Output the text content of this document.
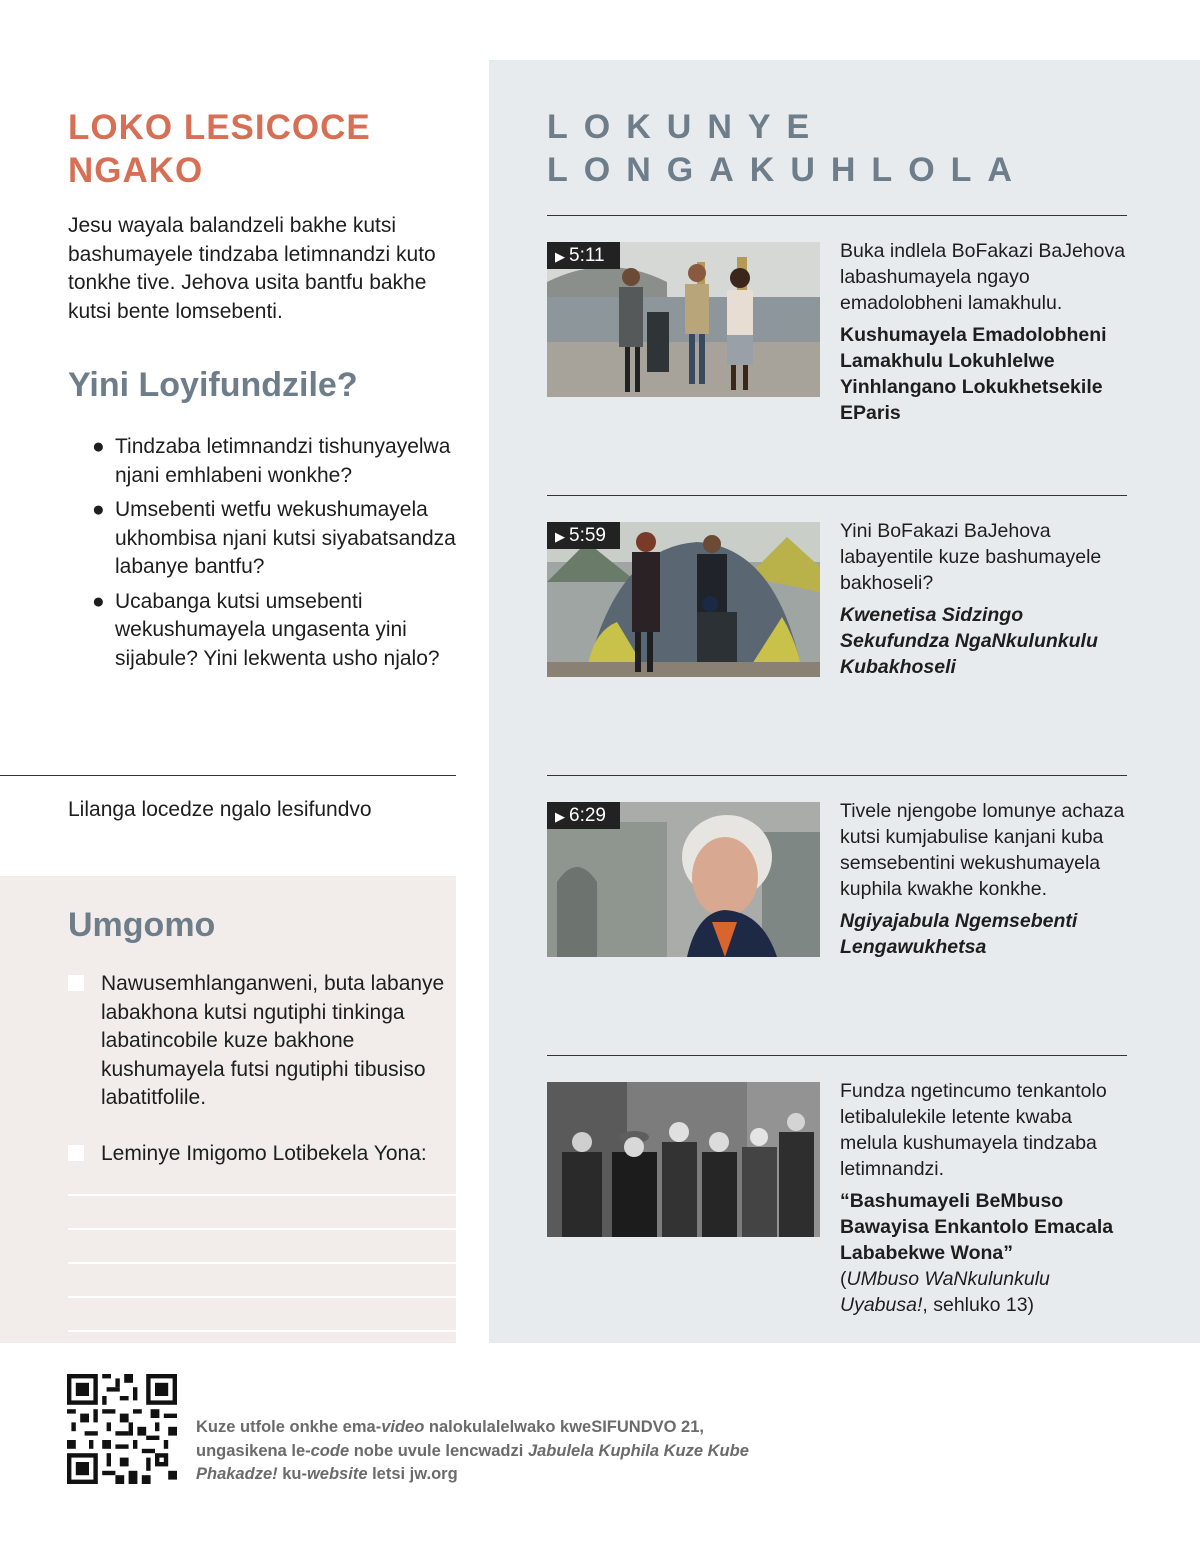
LOKO LESICOCE
NGAKO

Jesu wayala balandzeli bakhe kutsi bashumayele tindzaba letimnandzi kuto tonkhe tive. Jehova usita bantfu bakhe kutsi bente lomsebenti.

Yini Loyifundzile?
● Tindzaba letimnandzi tishunyayelwa njani emhlabeni wonkhe?
● Umsebenti wetfu wekushumayela ukhombisa njani kutsi siyabatsandza labanye bantfu?
● Ucabanga kutsi umsebenti wekushumayela ungasenta yini sijabule? Yini lekwenta usho njalo?
Lilanga locedze ngalo lesifundvo
Umgomo
Nawusemhlanganweni, buta labanye labakhona kutsi ngutiphi tinkinga labatincobile kuze bakhone kushumayela futsi ngutiphi tibusiso labatitfolile.
Leminye Imigomo Lotibekela Yona:
LOKUNYE
LONGAKUHLOLA
▶ 5:11	Buka indlela BoFakazi BaJehova labashumayela ngayo emadolobheni lamakhulu.
Kushumayela Emadolobheni Lamakhulu Lokuhlelwe Yinhlangano Lokukhetsekile EParis
▶ 5:59	Yini BoFakazi BaJehova labayentile kuze bashumayele bakhoseli?
Kwenetisa Sidzingo Sekufundza NgaNkulunkulu Kubakhoseli
▶ 6:29	Tivele njengobe lomunye achaza kutsi kumjabulise kanjani kuba semsebentini wekushumayela kuphila kwakhe konkhe.
Ngiyajabula Ngemsebenti Lengawukhetsa
Fundza ngetincumo tenkantolo letibalulekile letente kwaba melula kushumayela tindzaba letimnandzi.
“Bashumayeli BeMbuso Bawayisa Enkantolo Emacala Lababekwe Wona”
(UMbuso WaNkulunkulu Uyabusa!, sehluko 13)

Kuze utfole onkhe ema-video nalokulalelwako kweSIFUNDVO 21, ungasikena le-code nobe uvule lencwadzi Jabulela Kuphila Kuze Kube Phakadze! ku-website letsi jw.org
